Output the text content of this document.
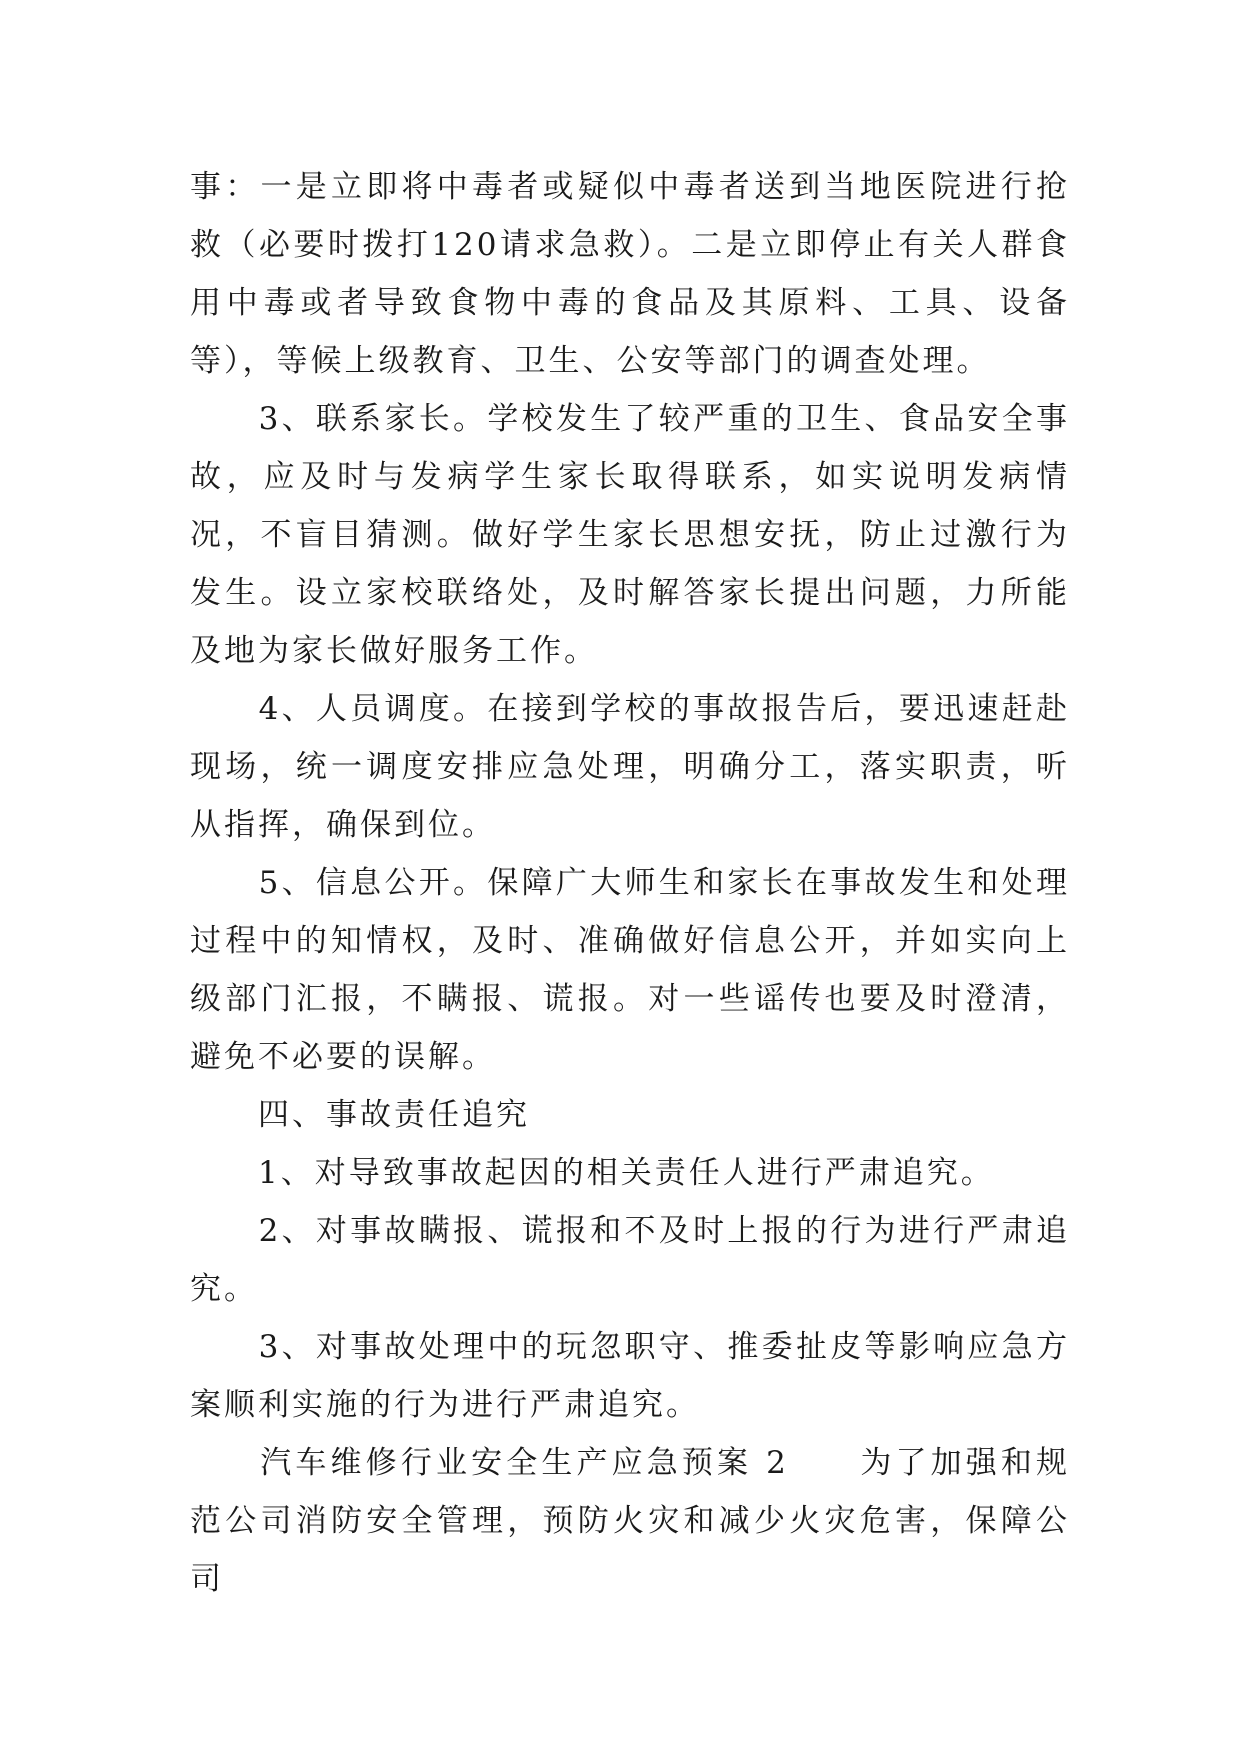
事：一是立即将中毒者或疑似中毒者送到当地医院进行抢救（必要时拨打120请求急救）。二是立即停止有关人群食用中毒或者导致食物中毒的食品及其原料、工具、设备等），等候上级教育、卫生、公安等部门的调查处理。

　　3、联系家长。学校发生了较严重的卫生、食品安全事故，应及时与发病学生家长取得联系，如实说明发病情况，不盲目猜测。做好学生家长思想安抚，防止过激行为发生。设立家校联络处，及时解答家长提出问题，力所能及地为家长做好服务工作。

　　4、人员调度。在接到学校的事故报告后，要迅速赶赴现场，统一调度安排应急处理，明确分工，落实职责，听从指挥，确保到位。

　　5、信息公开。保障广大师生和家长在事故发生和处理过程中的知情权，及时、准确做好信息公开，并如实向上级部门汇报，不瞒报、谎报。对一些谣传也要及时澄清，避免不必要的误解。

　　四、事故责任追究

　　1、对导致事故起因的相关责任人进行严肃追究。

　　2、对事故瞒报、谎报和不及时上报的行为进行严肃追究。

　　3、对事故处理中的玩忽职守、推委扯皮等影响应急方案顺利实施的行为进行严肃追究。

　　汽车维修行业安全生产应急预案 2　　为了加强和规范公司消防安全管理，预防火灾和减少火灾危害，保障公司
